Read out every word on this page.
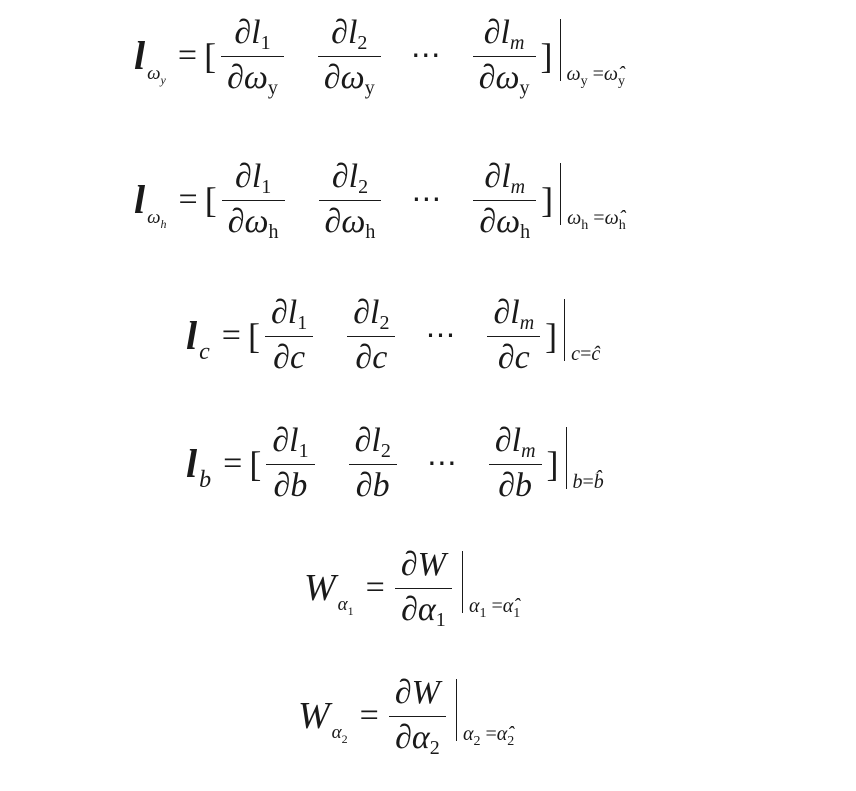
l $\omega_y$
= [ $\frac{\partial l1}{\partial\omega y} \frac{\partial l2}{\partial\omega y}$ ⋯ $\frac{\partial lm}{\partial\omega y}$ ] $\omega_y$ $=\omegâ_y$
l $\omega_h$
= [ $\frac{\partial l1}{\partial\omega h} \frac{\partial l2}{\partial\omega h}$ ⋯ $\frac{\partial lm}{\partial\omega h}$ ] $\omega_h$ $=\omegâ_h$
l c = [ $\frac{\partial l1}{\partial c} \frac{\partial l2}{\partial c}$ ⋯ $\frac{\partial lm}{\partial c}$ ] c=ĉ
l b = [ $\frac{\partial l1}{\partial b} \frac{\partial l2}{\partial b}$ ⋯ $\frac{\partial lm}{\partial b}$ ] b=b̂
W $\alpha_1$
= $\frac{\partial W}{\partial\alpha 1} \alpha_1$ $=\alphâ_1$
W $\alpha_2$
= $\frac{\partial W}{\partial\alpha 2} \alpha_2$ $=\alphâ_2$
